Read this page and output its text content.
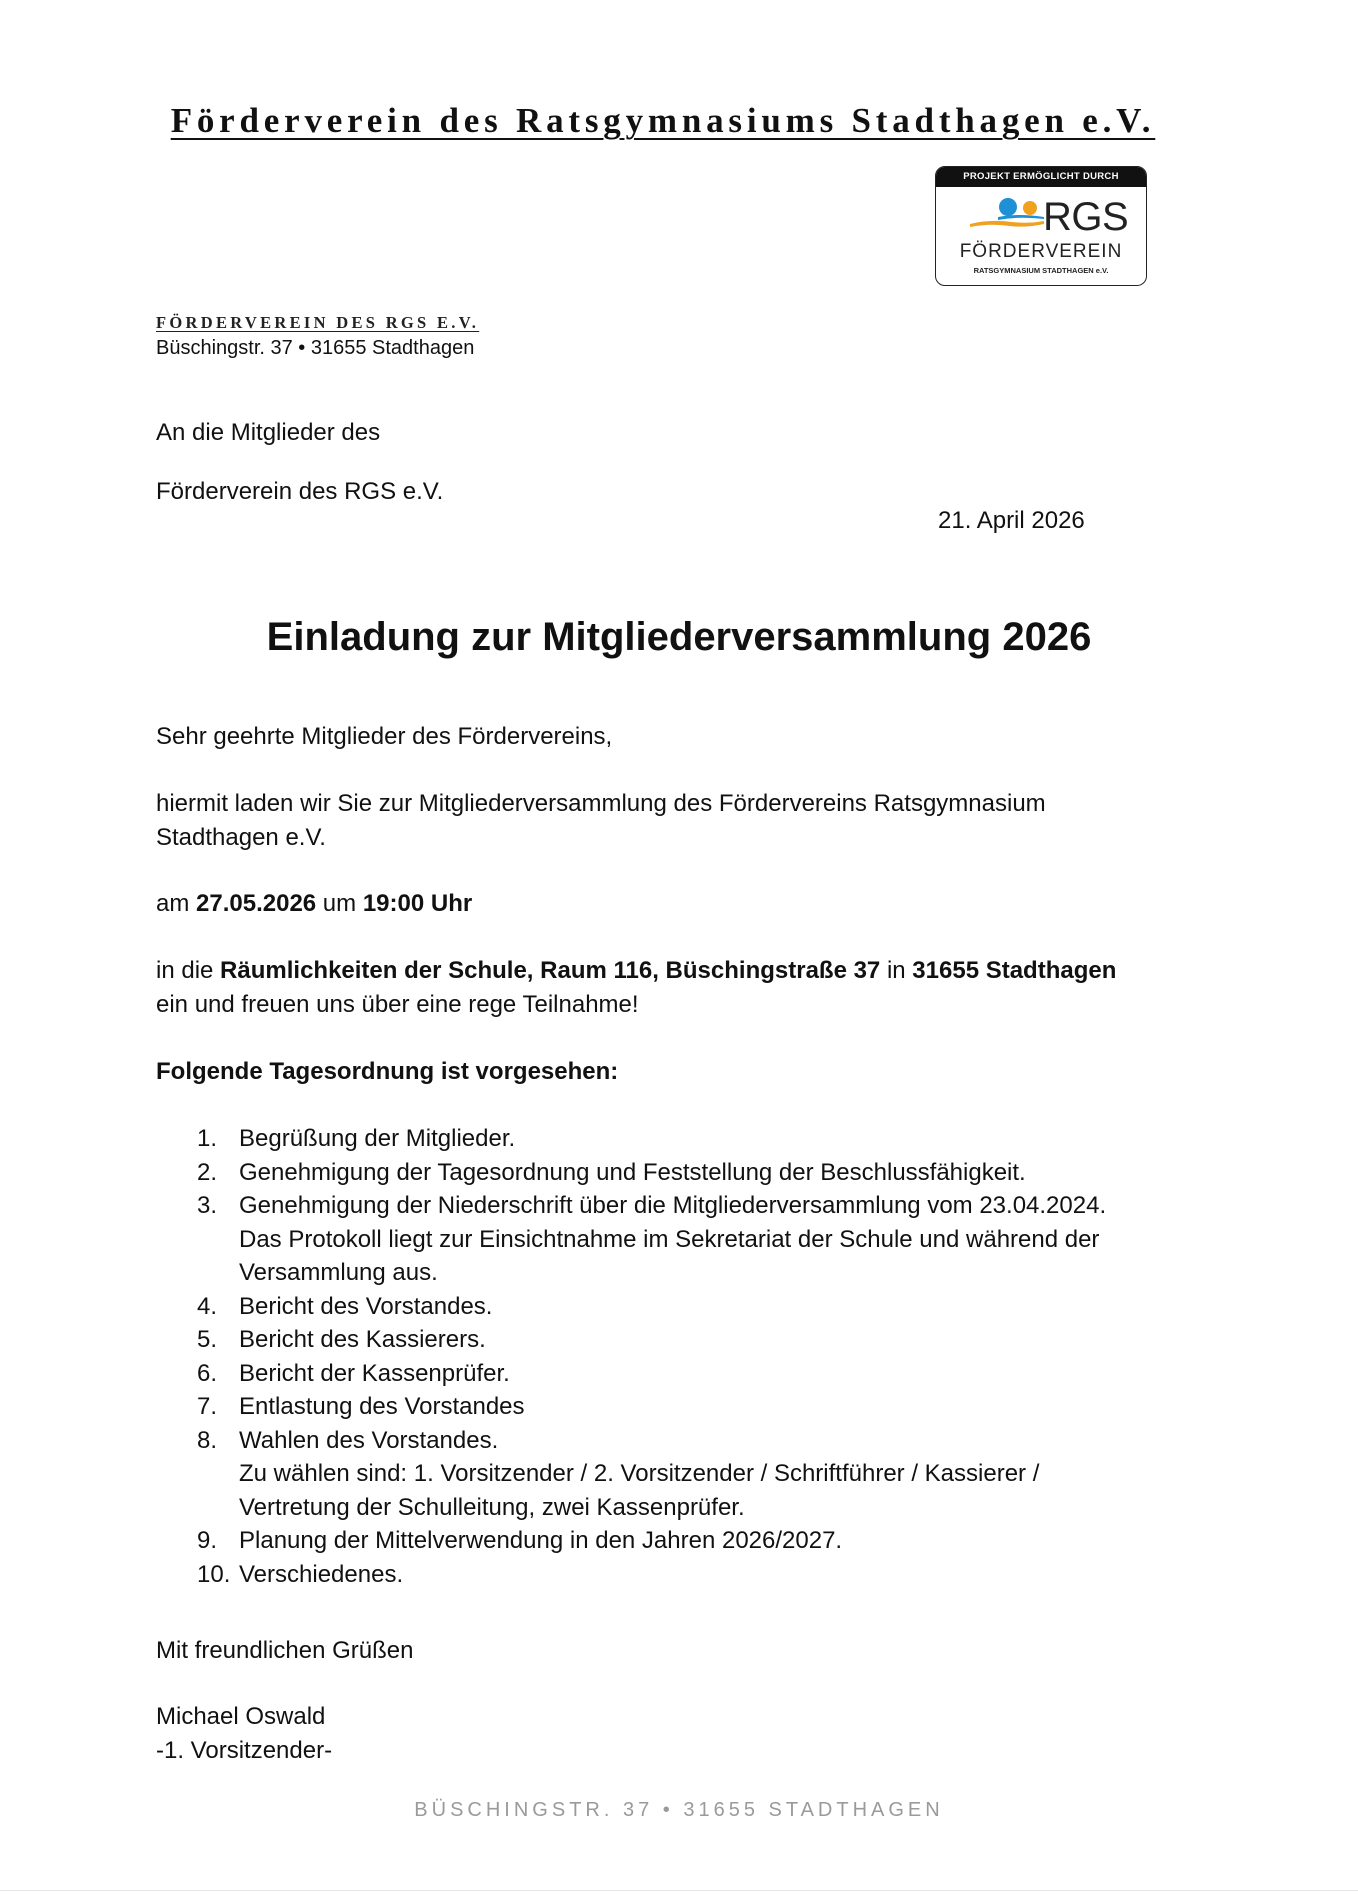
Förderverein des Ratsgymnasiums Stadthagen e.V.
PROJEKT ERMÖGLICHT DURCH
RGS
FÖRDERVEREIN
RATSGYMNASIUM STADTHAGEN e.V.
FÖRDERVEREIN DES RGS E.V.
Büschingstr. 37 • 31655 Stadthagen
An die Mitglieder des
Förderverein des RGS e.V.
21. April 2026
Einladung zur Mitgliederversammlung 2026
Sehr geehrte Mitglieder des Fördervereins,
hiermit laden wir Sie zur Mitgliederversammlung des Fördervereins Ratsgymnasium
Stadthagen e.V.
am 27.05.2026 um 19:00 Uhr
in die Räumlichkeiten der Schule, Raum 116, Büschingstraße 37 in 31655 Stadthagen
ein und freuen uns über eine rege Teilnahme!
Folgende Tagesordnung ist vorgesehen:
1. Begrüßung der Mitglieder.
2. Genehmigung der Tagesordnung und Feststellung der Beschlussfähigkeit.
3. Genehmigung der Niederschrift über die Mitgliederversammlung vom 23.04.2024.
Das Protokoll liegt zur Einsichtnahme im Sekretariat der Schule und während der
Versammlung aus.
4. Bericht des Vorstandes.
5. Bericht des Kassierers.
6. Bericht der Kassenprüfer.
7. Entlastung des Vorstandes
8. Wahlen des Vorstandes.
Zu wählen sind: 1. Vorsitzender / 2. Vorsitzender / Schriftführer / Kassierer /
Vertretung der Schulleitung, zwei Kassenprüfer.
9. Planung der Mittelverwendung in den Jahren 2026/2027.
10. Verschiedenes.
Mit freundlichen Grüßen
Michael Oswald
-1. Vorsitzender-
BÜSCHINGSTR. 37 • 31655 STADTHAGEN
